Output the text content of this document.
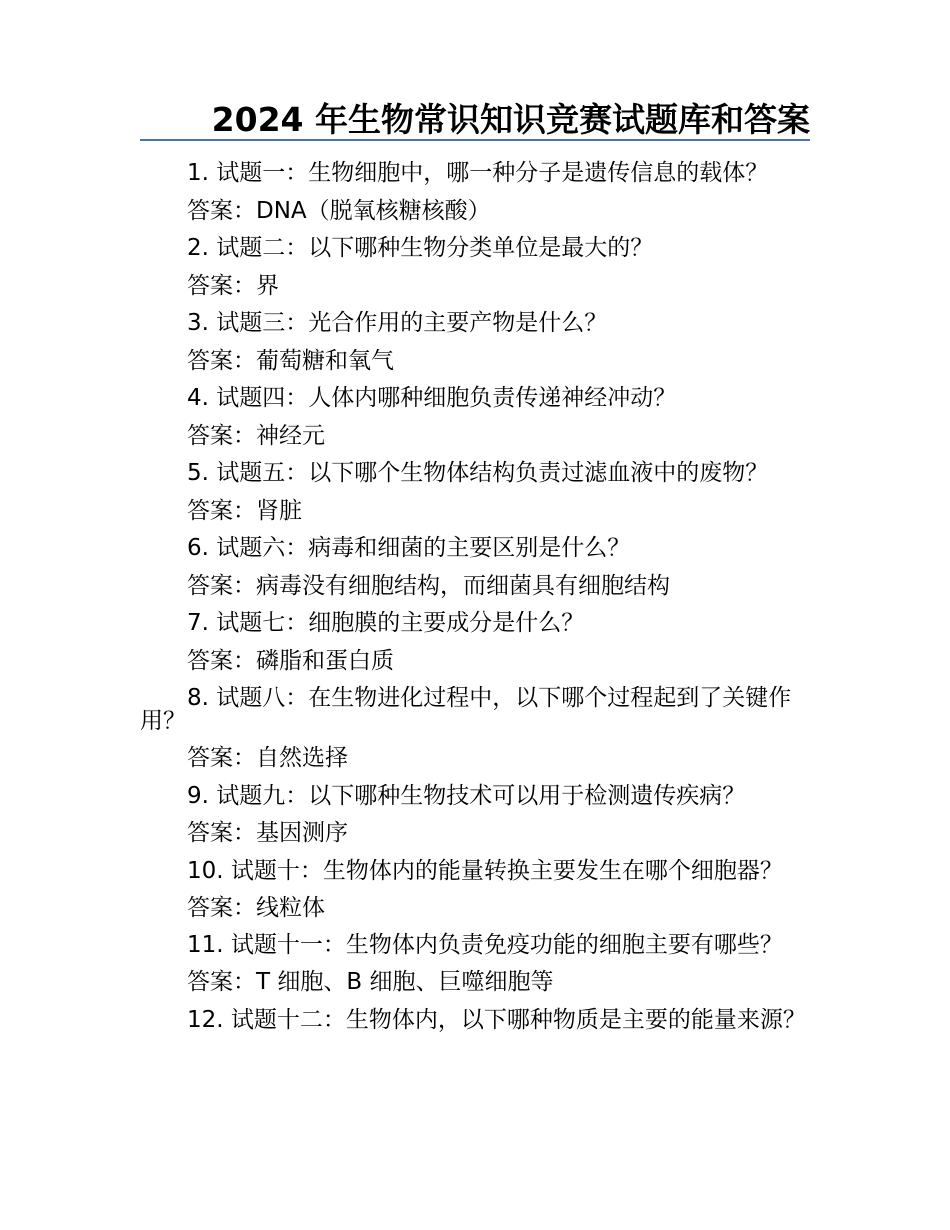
2024 年生物常识知识竞赛试题库和答案
1. 试题一：生物细胞中，哪一种分子是遗传信息的载体？
答案：DNA（脱氧核糖核酸）
2. 试题二：以下哪种生物分类单位是最大的？
答案：界
3. 试题三：光合作用的主要产物是什么？
答案：葡萄糖和氧气
4. 试题四：人体内哪种细胞负责传递神经冲动？
答案：神经元
5. 试题五：以下哪个生物体结构负责过滤血液中的废物？
答案：肾脏
6. 试题六：病毒和细菌的主要区别是什么？
答案：病毒没有细胞结构，而细菌具有细胞结构
7. 试题七：细胞膜的主要成分是什么？
答案：磷脂和蛋白质
8. 试题八：在生物进化过程中，以下哪个过程起到了关键作用？
答案：自然选择
9. 试题九：以下哪种生物技术可以用于检测遗传疾病？
答案：基因测序
10. 试题十：生物体内的能量转换主要发生在哪个细胞器？
答案：线粒体
11. 试题十一：生物体内负责免疫功能的细胞主要有哪些？
答案：T 细胞、B 细胞、巨噬细胞等
12. 试题十二：生物体内，以下哪种物质是主要的能量来源？
